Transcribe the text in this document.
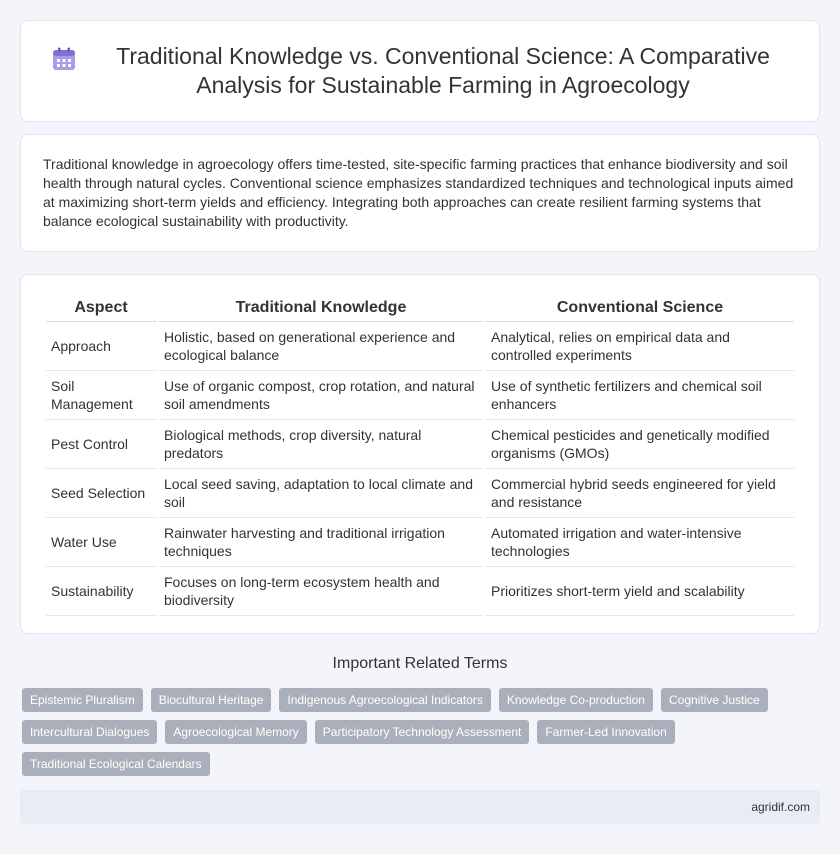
Traditional Knowledge vs. Conventional Science: A Comparative Analysis for Sustainable Farming in Agroecology

Traditional knowledge in agroecology offers time-tested, site-specific farming practices that enhance biodiversity and soil health through natural cycles. Conventional science emphasizes standardized techniques and technological inputs aimed at maximizing short-term yields and efficiency. Integrating both approaches can create resilient farming systems that balance ecological sustainability with productivity.

Aspect	Traditional Knowledge	Conventional Science
Approach	Holistic, based on generational experience and ecological balance	Analytical, relies on empirical data and controlled experiments
Soil Management	Use of organic compost, crop rotation, and natural soil amendments	Use of synthetic fertilizers and chemical soil enhancers
Pest Control	Biological methods, crop diversity, natural predators	Chemical pesticides and genetically modified organisms (GMOs)
Seed Selection	Local seed saving, adaptation to local climate and soil	Commercial hybrid seeds engineered for yield and resistance
Water Use	Rainwater harvesting and traditional irrigation techniques	Automated irrigation and water-intensive technologies
Sustainability	Focuses on long-term ecosystem health and biodiversity	Prioritizes short-term yield and scalability
Important Related Terms
Epistemic Pluralism	Biocultural Heritage	Indigenous Agroecological Indicators	Knowledge Co-production	Cognitive Justice
Intercultural Dialogues	Agroecological Memory	Participatory Technology Assessment	Farmer-Led Innovation
Traditional Ecological Calendars
agridif.com
